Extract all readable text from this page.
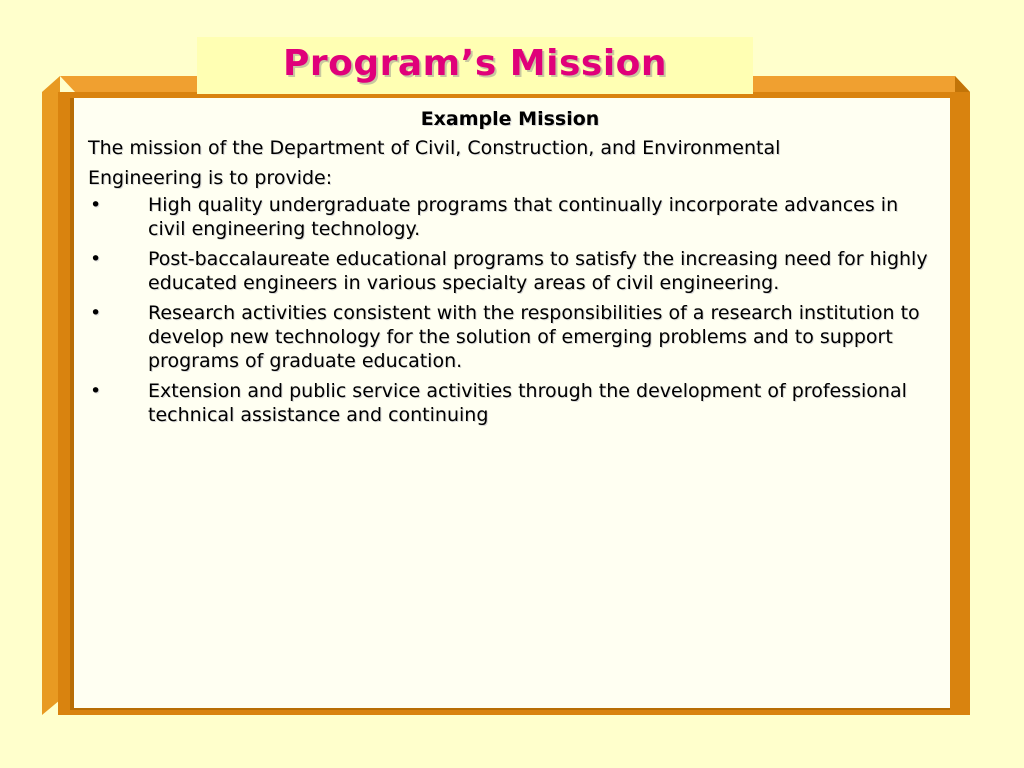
Example Mission

The mission of the Department of Civil, Construction, and Environmental

Engineering is to provide:

•	High quality undergraduate programs that continually incorporate advances in civil engineering technology.
•	Post-baccalaureate educational programs to satisfy the increasing need for highly educated engineers in various specialty areas of civil engineering.
•	Research activities consistent with the responsibilities of a research institution to develop new technology for the solution of emerging problems and to support programs of graduate education.
•	Extension and public service activities through the development of professional technical assistance and continuing
Program’s Mission
